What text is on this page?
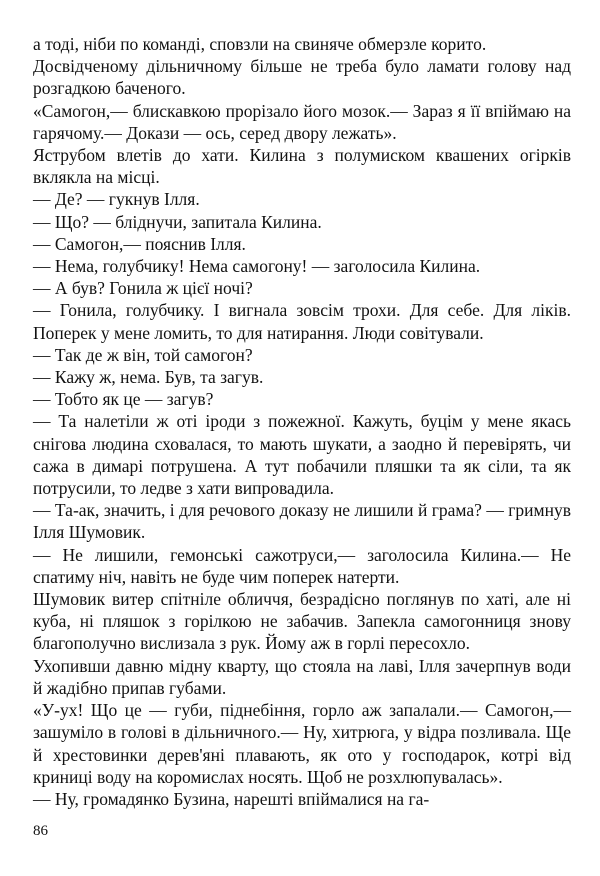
а тоді, ніби по команді, сповзли на свиняче обмерзле корито.

Досвідченому дільничному більше не треба було ламати голову над розгадкою баченого.

«Самогон,— блискавкою прорізало його мозок.— Зараз я її впіймаю на гарячому.— Докази — ось, серед двору лежать».

Яструбом влетів до хати. Килина з полумиском квашених огірків вклякла на місці.

— Де? — гукнув Ілля.

— Що? — бліднучи, запитала Килина.

— Самогон,— пояснив Ілля.

— Нема, голубчику! Нема самогону! — заголосила Килина.

— А був? Гонила ж цієї ночі?

— Гонила, голубчику. І вигнала зовсім трохи. Для себе. Для ліків. Поперек у мене ломить, то для натирання. Люди совітували.

— Так де ж він, той самогон?

— Кажу ж, нема. Був, та загув.

— Тобто як це — загув?

— Та налетіли ж оті іроди з пожежної. Кажуть, буцім у мене якась снігова людина сховалася, то мають шукати, а заодно й перевірять, чи сажа в димарі потрушена. А тут побачили пляшки та як сіли, та як потрусили, то ледве з хати випровадила.

— Та-ак, значить, і для речового доказу не лишили й грама? — гримнув Ілля Шумовик.

— Не лишили, гемонські сажотруси,— заголосила Килина.— Не спатиму ніч, навіть не буде чим поперек натерти.

Шумовик витер спітніле обличчя, безрадісно поглянув по хаті, але ні куба, ні пляшок з горілкою не забачив. Запекла самогонниця знову благополучно вислизала з рук. Йому аж в горлі пересохло.

Ухопивши давню мідну кварту, що стояла на лаві, Ілля зачерпнув води й жадібно припав губами.

«У-ух! Що це — губи, піднебіння, горло аж запалали.— Самогон,— зашуміло в голові в дільничного.— Ну, хитрюга, у відра позливала. Ще й хрестовинки дерев'яні плавають, як ото у господарок, котрі від криниці воду на коромислах носять. Щоб не розхлюпувалась».

— Ну, громадянко Бузина, нарешті впіймалися на га-

86
